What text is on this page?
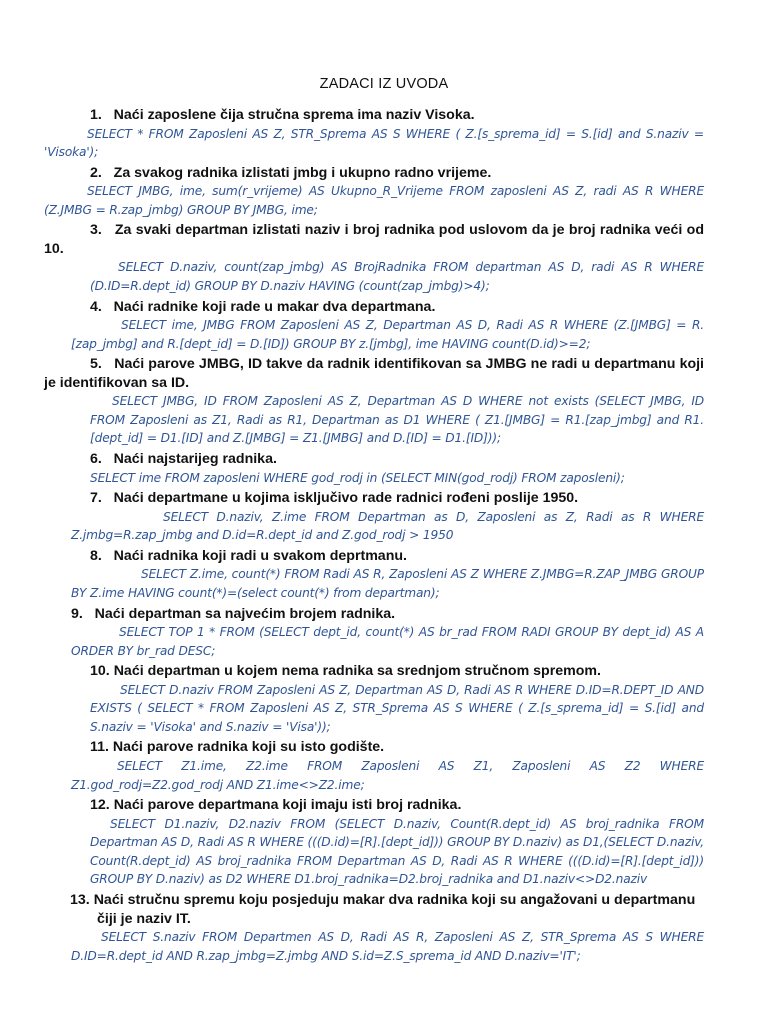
ZADACI IZ UVODA

1. Naći zaposlene čija stručna sprema ima naziv Visoka.

SELECT * FROM Zaposleni AS Z, STR_Sprema AS S WHERE ( Z.[s_sprema_id] = S.[id] and S.naziv = 'Visoka');

2. Za svakog radnika izlistati jmbg i ukupno radno vrijeme.

SELECT JMBG, ime, sum(r_vrijeme) AS Ukupno_R_Vrijeme FROM zaposleni AS Z, radi AS R WHERE (Z.JMBG = R.zap_jmbg) GROUP BY JMBG, ime;

3. Za svaki departman izlistati naziv i broj radnika pod uslovom da je broj radnika veći od 10.

SELECT D.naziv, count(zap_jmbg) AS BrojRadnika FROM departman AS D, radi AS R WHERE (D.ID=R.dept_id) GROUP BY D.naziv HAVING (count(zap_jmbg)>4);

4. Naći radnike koji rade u makar dva departmana.

SELECT ime, JMBG FROM Zaposleni AS Z, Departman AS D, Radi AS R WHERE (Z.[JMBG] = R.[zap_jmbg] and R.[dept_id] = D.[ID]) GROUP BY z.[jmbg], ime HAVING count(D.id)>=2;

5. Naći parove JMBG, ID takve da radnik identifikovan sa JMBG ne radi u departmanu koji je identifikovan sa ID.

SELECT JMBG, ID FROM Zaposleni AS Z, Departman AS D WHERE not exists (SELECT JMBG, ID FROM Zaposleni as Z1, Radi as R1, Departman as D1 WHERE ( Z1.[JMBG] = R1.[zap_jmbg] and R1.[dept_id] = D1.[ID] and Z.[JMBG] = Z1.[JMBG] and D.[ID] = D1.[ID]));

6. Naći najstarijeg radnika.

SELECT ime FROM zaposleni WHERE god_rodj in (SELECT MIN(god_rodj) FROM zaposleni);

7. Naći departmane u kojima isključivo rade radnici rođeni poslije 1950.

SELECT D.naziv, Z.ime FROM Departman as D, Zaposleni as Z, Radi as R WHERE Z.jmbg=R.zap_jmbg and D.id=R.dept_id and Z.god_rodj > 1950

8. Naći radnika koji radi u svakom deprtmanu.

SELECT Z.ime, count(*) FROM Radi AS R, Zaposleni AS Z WHERE Z.JMBG=R.ZAP_JMBG GROUP BY Z.ime HAVING count(*)=(select count(*) from departman);

9. Naći departman sa najvećim brojem radnika.

SELECT TOP 1 * FROM (SELECT dept_id, count(*) AS br_rad FROM RADI GROUP BY dept_id) AS A ORDER BY br_rad DESC;

10. Naći departman u kojem nema radnika sa srednjom stručnom spremom.

SELECT D.naziv FROM Zaposleni AS Z, Departman AS D, Radi AS R WHERE D.ID=R.DEPT_ID AND EXISTS ( SELECT * FROM Zaposleni AS Z, STR_Sprema AS S WHERE ( Z.[s_sprema_id] = S.[id] and S.naziv = 'Visoka' and S.naziv = 'Visa'));

11. Naći parove radnika koji su isto godište.

SELECT Z1.ime, Z2.ime FROM Zaposleni AS Z1, Zaposleni AS Z2 WHERE Z1.god_rodj=Z2.god_rodj AND Z1.ime<>Z2.ime;

12. Naći parove departmana koji imaju isti broj radnika.

SELECT D1.naziv, D2.naziv FROM (SELECT D.naziv, Count(R.dept_id) AS broj_radnika FROM Departman AS D, Radi AS R WHERE (((D.id)=[R].[dept_id])) GROUP BY D.naziv) as D1,(SELECT D.naziv, Count(R.dept_id) AS broj_radnika FROM Departman AS D, Radi AS R WHERE (((D.id)=[R].[dept_id])) GROUP BY D.naziv) as D2 WHERE D1.broj_radnika=D2.broj_radnika and D1.naziv<>D2.naziv

13. Naći stručnu spremu koju posjeduju makar dva radnika koji su angažovani u departmanu čiji je naziv IT.

SELECT S.naziv FROM Departmen AS D, Radi AS R, Zaposleni AS Z, STR_Sprema AS S WHERE D.ID=R.dept_id AND R.zap_jmbg=Z.jmbg AND S.id=Z.S_sprema_id AND D.naziv='IT';
